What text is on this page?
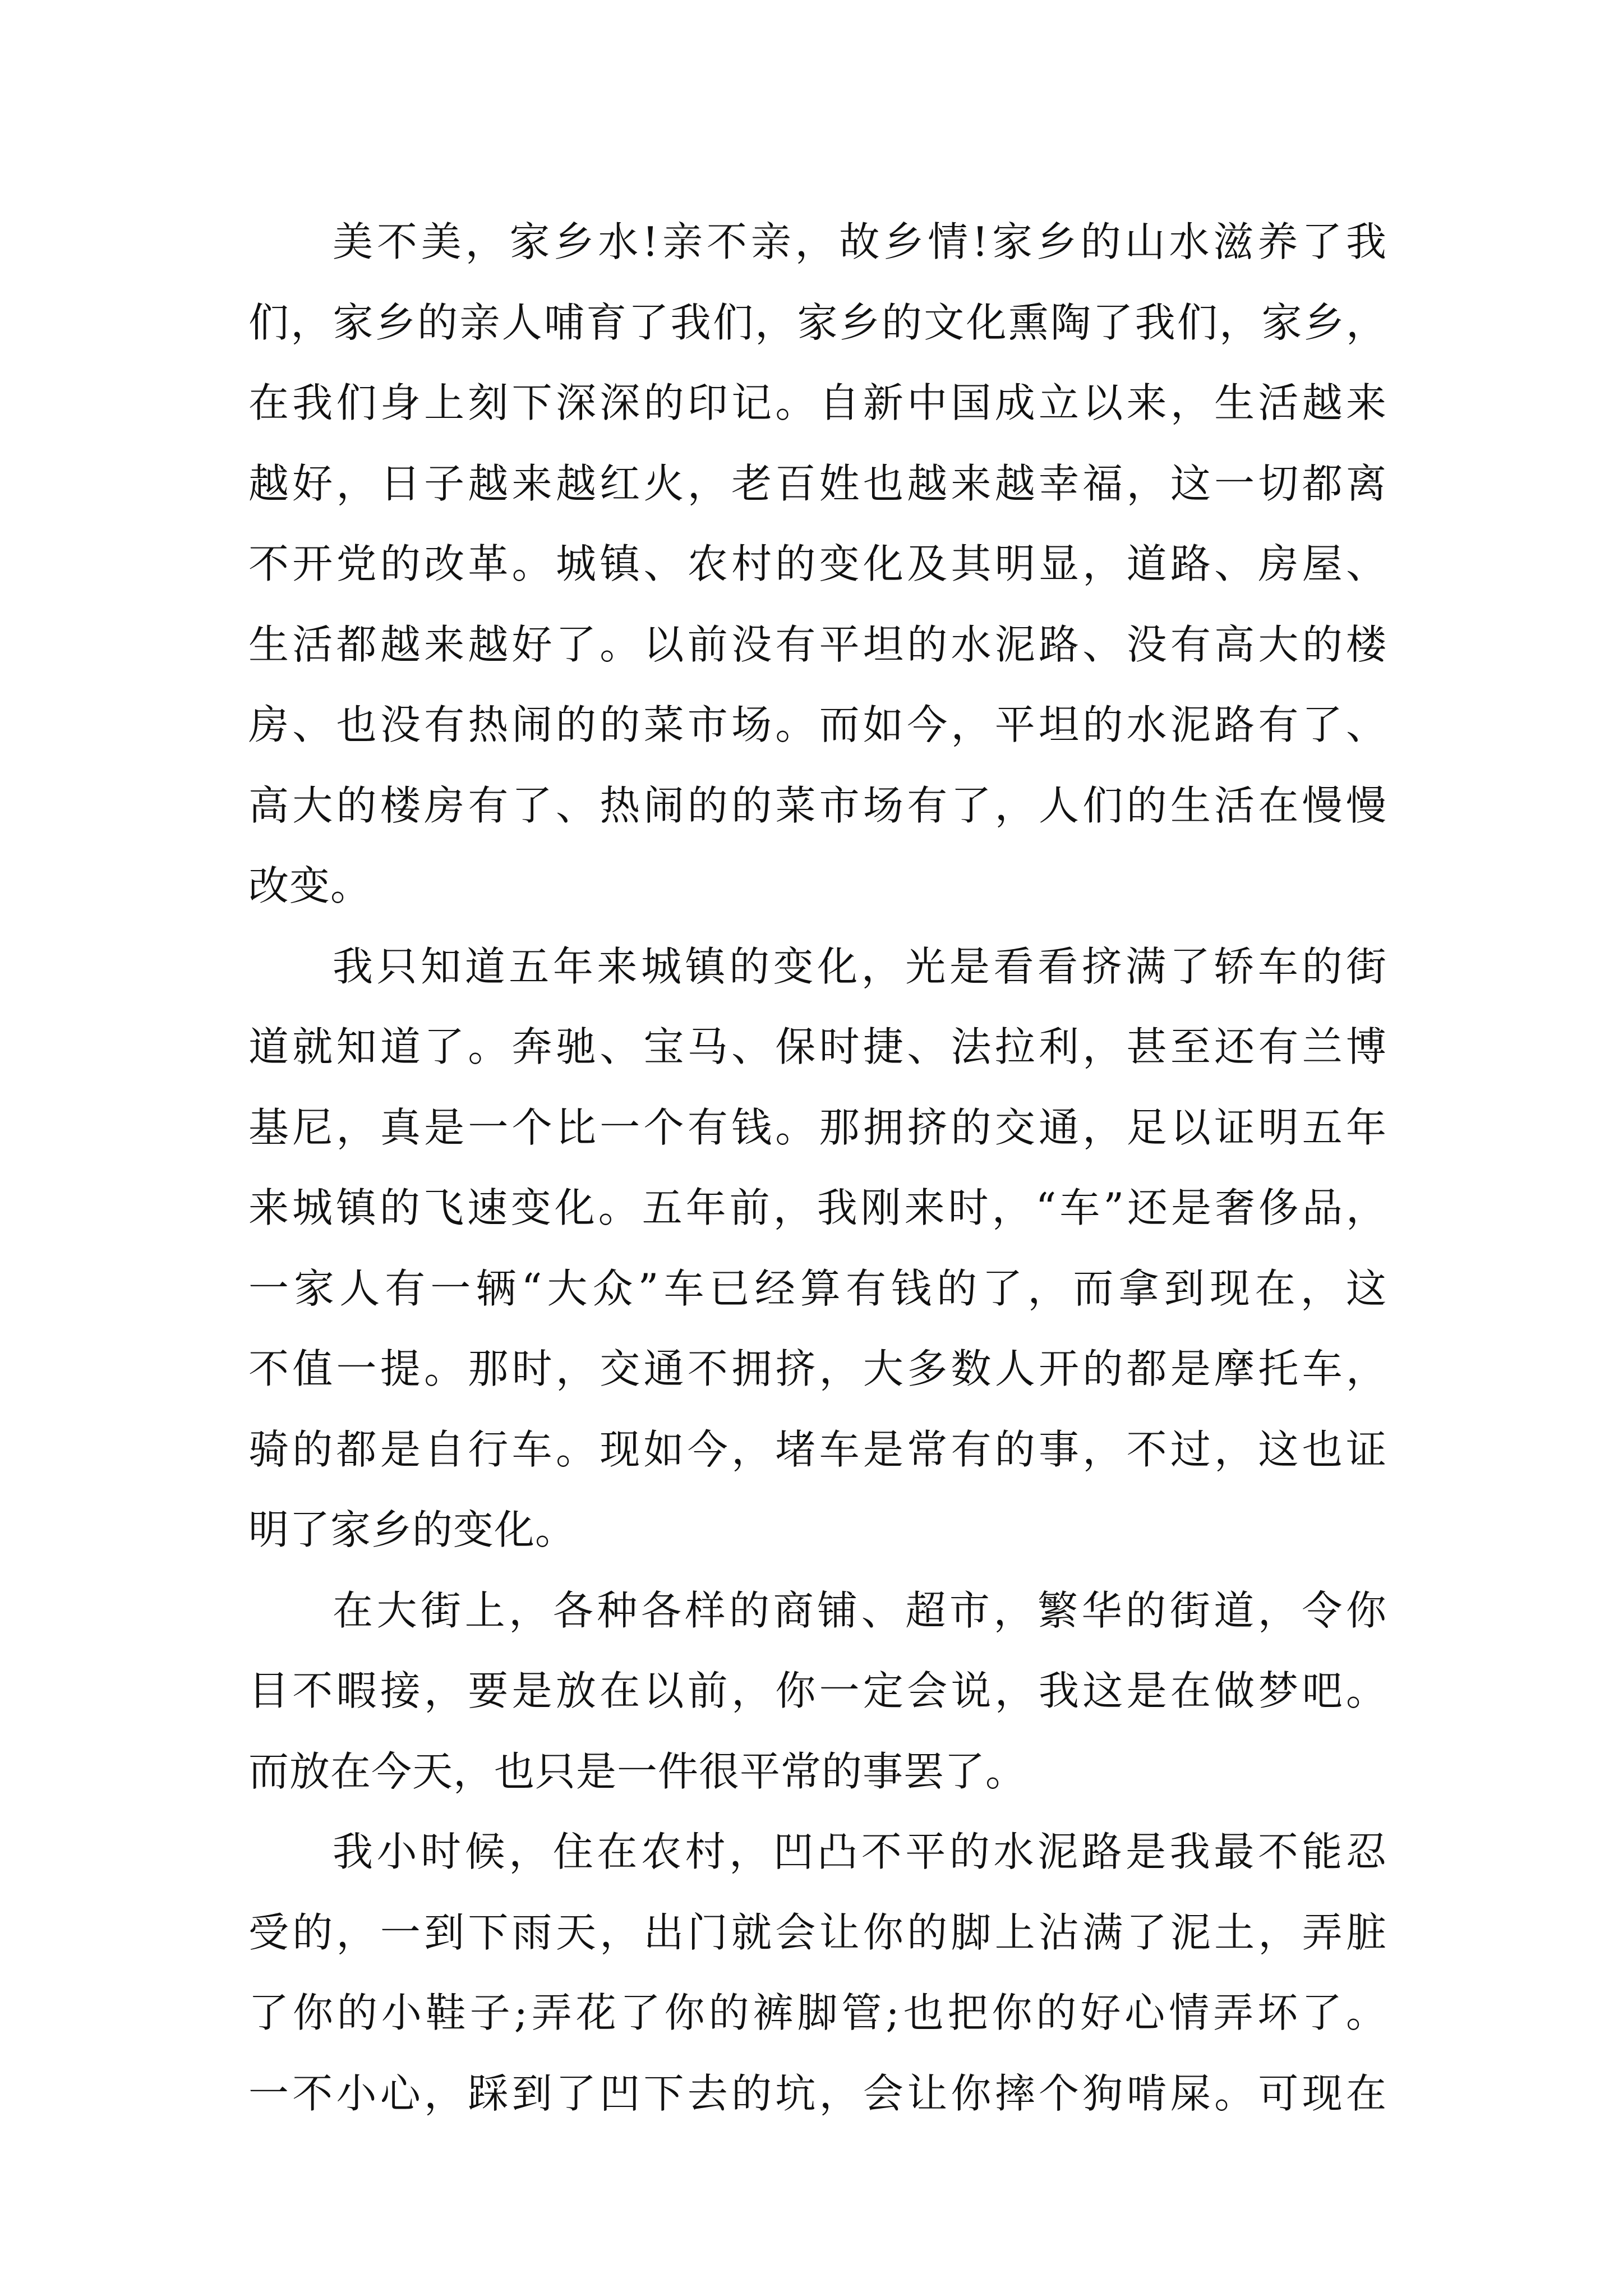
美不美，家乡水!亲不亲，故乡情!家乡的山水滋养了我
们，家乡的亲人哺育了我们，家乡的文化熏陶了我们，家乡，
在我们身上刻下深深的印记。自新中国成立以来，生活越来
越好，日子越来越红火，老百姓也越来越幸福，这一切都离
不开党的改革。城镇、农村的变化及其明显，道路、房屋、
生活都越来越好了。以前没有平坦的水泥路、没有高大的楼
房、也没有热闹的的菜市场。而如今，平坦的水泥路有了、
高大的楼房有了、热闹的的菜市场有了，人们的生活在慢慢
改变。
我只知道五年来城镇的变化，光是看看挤满了轿车的街
道就知道了。奔驰、宝马、保时捷、法拉利，甚至还有兰博
基尼，真是一个比一个有钱。那拥挤的交通，足以证明五年
来城镇的飞速变化。五年前，我刚来时，“车”还是奢侈品，
一家人有一辆“大众”车已经算有钱的了，而拿到现在，这
不值一提。那时，交通不拥挤，大多数人开的都是摩托车，
骑的都是自行车。现如今，堵车是常有的事，不过，这也证
明了家乡的变化。
在大街上，各种各样的商铺、超市，繁华的街道，令你
目不暇接，要是放在以前，你一定会说，我这是在做梦吧。
而放在今天，也只是一件很平常的事罢了。
我小时候，住在农村，凹凸不平的水泥路是我最不能忍
受的，一到下雨天，出门就会让你的脚上沾满了泥土，弄脏
了你的小鞋子;弄花了你的裤脚管;也把你的好心情弄坏了。
一不小心，踩到了凹下去的坑，会让你摔个狗啃屎。可现在
